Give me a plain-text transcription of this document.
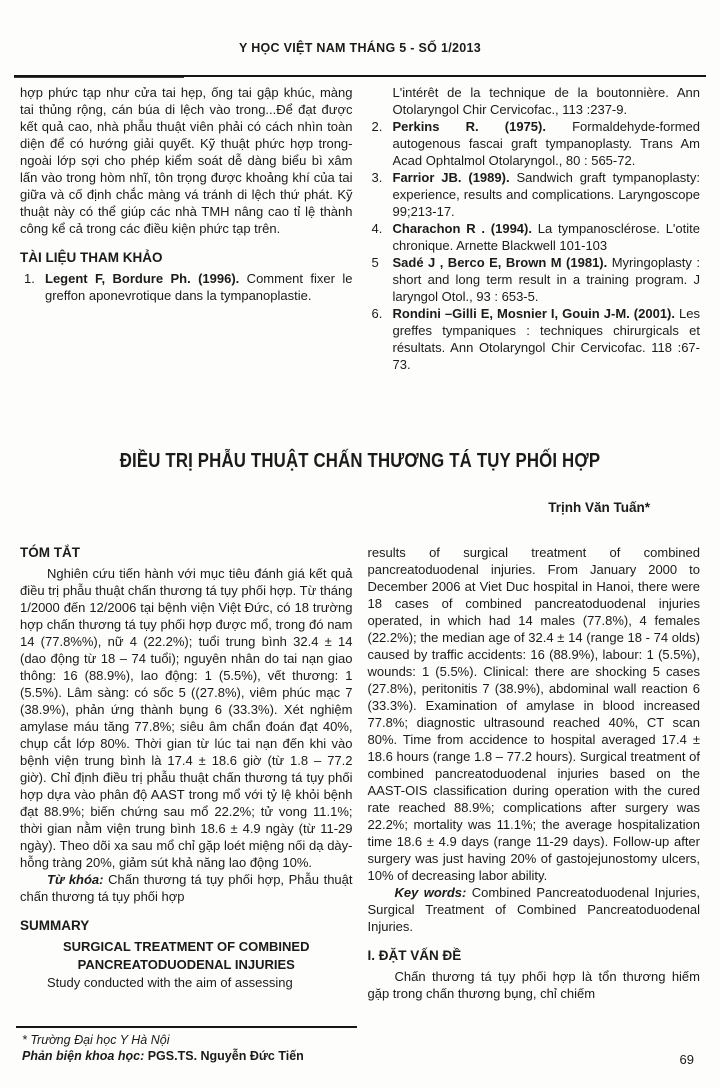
Y HỌC VIỆT NAM THÁNG 5 - SỐ 1/2013

hợp phức tạp như cửa tai hẹp, ống tai gập khúc, màng tai thủng rộng, cán búa di lệch vào trong...Để đạt được kết quả cao, nhà phẫu thuật viên phải có cách nhìn toàn diện để có hướng giải quyết. Kỹ thuật phức hợp trong- ngoài lớp sợi cho phép kiểm soát dễ dàng biểu bì xâm lấn vào trong hòm nhĩ, tôn trọng được khoảng khí của tai giữa và cố định chắc màng vá tránh di lệch thứ phát. Kỹ thuật này có thể giúp các nhà TMH nâng cao tỉ lệ thành công kể cả trong các điều kiện phức tạp trên.

TÀI LIỆU THAM KHẢO
1. Legent F, Bordure Ph. (1996). Comment fixer le greffon aponevrotique dans la tympanoplastie.
L'intérêt de la technique de la boutonnière. Ann Otolaryngol Chir Cervicofac., 113 :237-9.
2. Perkins R. (1975). Formaldehyde-formed autogenous fascai graft tympanoplasty. Trans Am Acad Ophtalmol Otolaryngol., 80 : 565-72.
3. Farrior JB. (1989). Sandwich graft tympanoplasty: experience, results and complications. Laryngoscope 99;213-17.
4. Charachon R . (1994). La tympanosclérose. L'otite chronique. Arnette Blackwell 101-103
5 Sadé J , Berco E, Brown M (1981). Myringoplasty : short and long term result in a training program. J laryngol Otol., 93 : 653-5.
6. Rondini –Gilli E, Mosnier I, Gouin J-M. (2001). Les greffes tympaniques : techniques chirurgicals et résultats. Ann Otolaryngol Chir Cervicofac. 118 :67-73.
ĐIỀU TRỊ PHẪU THUẬT CHẤN THƯƠNG TÁ TỤY PHỐI HỢP
Trịnh Văn Tuấn*
TÓM TẮT

Nghiên cứu tiến hành với mục tiêu đánh giá kết quả điều trị phẫu thuật chấn thương tá tụy phối hợp. Từ tháng 1/2000 đến 12/2006 tại bệnh viện Việt Đức, có 18 trường hợp chấn thương tá tụy phối hợp được mổ, trong đó nam 14 (77.8%%), nữ 4 (22.2%); tuổi trung bình 32.4 ± 14 (dao động từ 18 – 74 tuổi); nguyên nhân do tai nạn giao thông: 16 (88.9%), lao động: 1 (5.5%), vết thương: 1 (5.5%). Lâm sàng: có sốc 5 ((27.8%), viêm phúc mạc 7 (38.9%), phản ứng thành bụng 6 (33.3%). Xét nghiệm amylase máu tăng 77.8%; siêu âm chẩn đoán đạt 40%, chụp cắt lớp 80%. Thời gian từ lúc tai nạn đến khi vào bệnh viện trung bình là 17.4 ± 18.6 giờ (từ 1.8 – 77.2 giờ). Chỉ định điều trị phẫu thuật chấn thương tá tụy phối hợp dựa vào phân độ AAST trong mổ với tỷ lệ khỏi bệnh đạt 88.9%; biến chứng sau mổ 22.2%; tử vong 11.1%; thời gian nằm viện trung bình 18.6 ± 4.9 ngày (từ 11-29 ngày). Theo dõi xa sau mổ chỉ gặp loét miệng nối dạ dày-hỗng tràng 20%, giảm sút khả năng lao động 10%.

Từ khóa: Chấn thương tá tụy phối hợp, Phẫu thuật chấn thương tá tụy phối hợp

SUMMARY

SURGICAL TREATMENT OF COMBINED PANCREATODUODENAL INJURIES

Study conducted with the aim of assessing

results of surgical treatment of combined pancreatoduodenal injuries. From January 2000 to December 2006 at Viet Duc hospital in Hanoi, there were 18 cases of combined pancreatoduodenal injuries operated, in which had 14 males (77.8%), 4 females (22.2%); the median age of 32.4 ± 14 (range 18 - 74 olds) caused by traffic accidents: 16 (88.9%), labour: 1 (5.5%), wounds: 1 (5.5%). Clinical: there are shocking 5 cases (27.8%), peritonitis 7 (38.9%), abdominal wall reaction 6 (33.3%). Examination of amylase in blood increased 77.8%; diagnostic ultrasound reached 40%, CT scan 80%. Time from accidence to hospital averaged 17.4 ± 18.6 hours (range 1.8 – 77.2 hours). Surgical treatment of combined pancreatoduodenal injuries based on the AAST-OIS classification during operation with the cured rate reached 88.9%; complications after surgery was 22.2%; mortality was 11.1%; the average hospitalization time 18.6 ± 4.9 days (range 11-29 days). Follow-up after surgery was just having 20% of gastojejunostomy ulcers, 10% of decreasing labor ability.

Key words: Combined Pancreatoduodenal Injuries, Surgical Treatment of Combined Pancreatoduodenal Injuries.

I. ĐẶT VẤN ĐỀ

Chấn thương tá tụy phối hợp là tổn thương hiếm gặp trong chấn thương bụng, chỉ chiếm

* Trường Đại học Y Hà Nội
Phản biện khoa học: PGS.TS. Nguyễn Đức Tiến	69
